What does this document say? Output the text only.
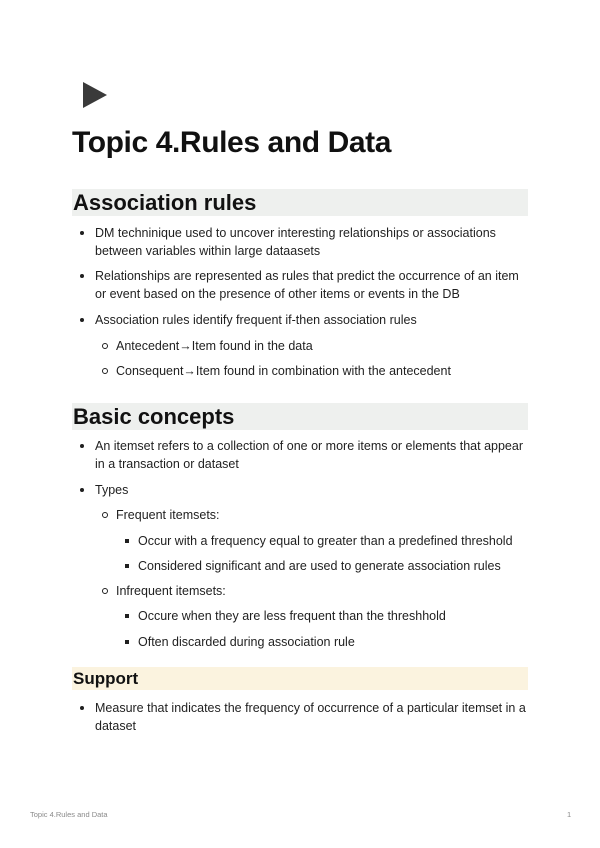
Topic 4.Rules and Data
Association rules
DM techninique used to uncover interesting relationships or associations between variables within large dataasets
Relationships are represented as rules that predict the occurrence of an item or event based on the presence of other items or events in the DB
Association rules identify frequent if-then association rules
Antecedent→Item found in the data
Consequent→Item found in combination with the antecedent
Basic concepts
An itemset refers to a collection of one or more items or elements that appear in a transaction or dataset
Types
Frequent itemsets:
Occur with a frequency equal to greater than a predefined threshold
Considered significant and are used to generate association rules
Infrequent itemsets:
Occure when they are less frequent than the threshhold
Often discarded during association rule
Support
Measure that indicates the frequency of occurrence of a particular itemset in a dataset
Topic 4.Rules and Data	1
